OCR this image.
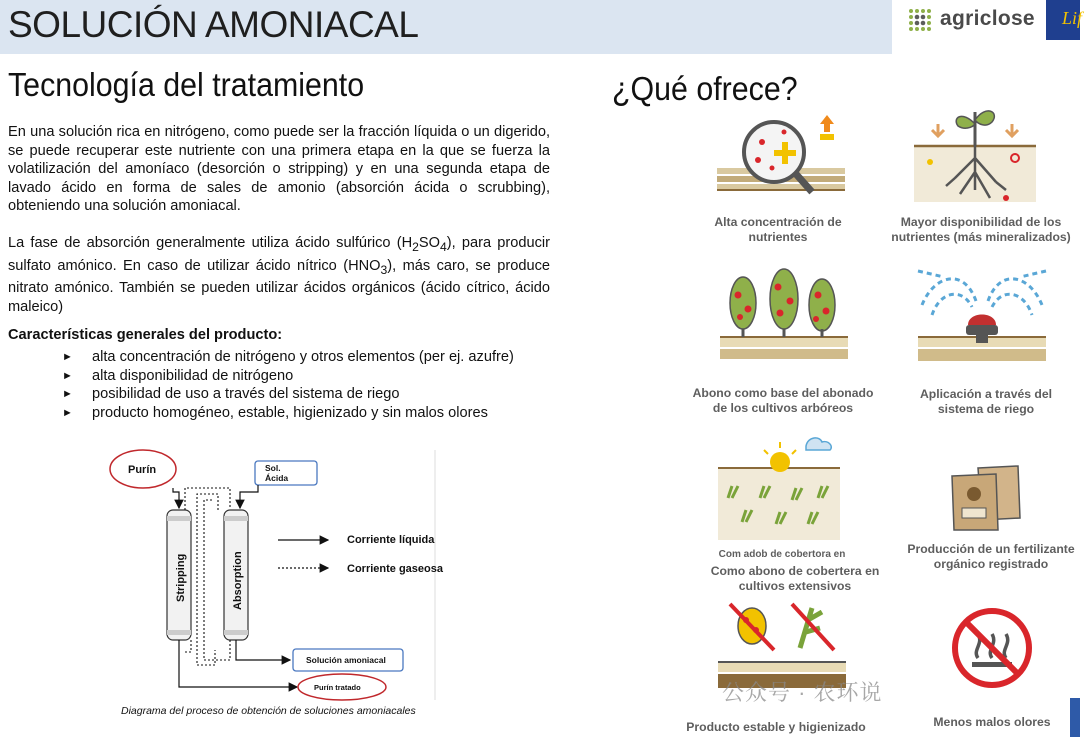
SOLUCIÓN AMONIACAL	agriclose Lif
Tecnología del tratamiento
En una solución rica en nitrógeno, como puede ser la fracción líquida o un digerido, se puede recuperar este nutriente con una primera etapa en la que se fuerza la volatilización del amoníaco (desorción o stripping) y en una segunda etapa de lavado ácido en forma de sales de amonio (absorción ácida o scrubbing), obteniendo una solución amoniacal.
La fase de absorción generalmente utiliza ácido sulfúrico $(H_2SO_4)$, para producir sulfato amónico. En caso de utilizar ácido nítrico $(HNO_3)$, más caro, se produce nitrato amónico. También se pueden utilizar ácidos orgánicos (ácido cítrico, ácido maleico)
Características generales del producto:
► alta concentración de nitrógeno y otros elementos (per ej. azufre)
► alta disponibilidad de nitrógeno
► posibilidad de uso a través del sistema de riego
► producto homogéneo, estable, higienizado y sin malos olores
Purín	Sol.
Ácida
Stripping	Absorption
Corriente líquida
Corriente gaseosa
Solución amoniacal
Purín tratado
Diagrama del proceso de obtención de soluciones amoniacales
¿Qué ofrece?
Alta concentración de
nutrientes
Mayor disponibilidad de los
nutrientes (más mineralizados)
Abono como base del abonado
de los cultivos arbóreos
Aplicación a través del
sistema de riego
Com adob de cobertora en
Como abono de cobertera en
cultivos extensivos
Producción de un fertilizante
orgánico registrado
Producto estable y higienizado	Menos malos olores
公众号 · 农环说
